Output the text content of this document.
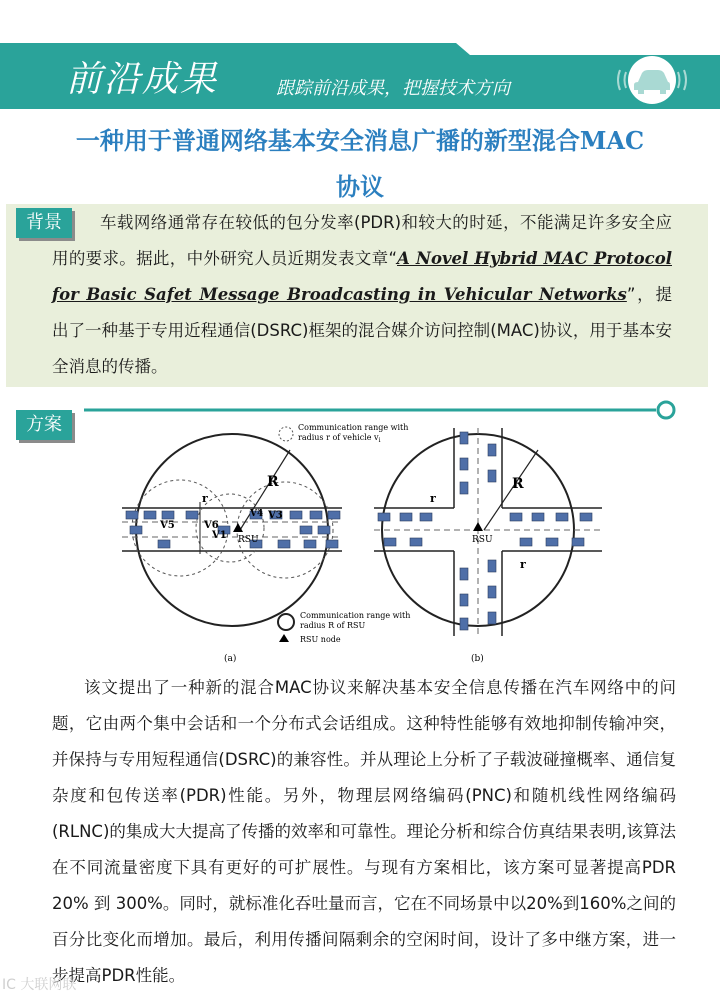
前沿成果	跟踪前沿成果，把握技术方向
一种用于普通网络基本安全消息广播的新型混合MAC
协议
背景	车载网络通常存在较低的包分发率(PDR)和较大的时延，不能满足许多安全应用的要求。据此，中外研究人员近期发表文章“A Novel Hybrid MAC Protocol for Basic Safet Message Broadcasting in Vehicular Networks”，提出了一种基于专用近程通信(DSRC)框架的混合媒介访问控制(MAC)协议，用于基本安全消息的传播。
方案
R
r
V5	V6
V1
V4 V3
RSU
(a)
R
r
r
RSU
(b)
Communication range with
radius r of vehicle $v_i$
Communication range with
radius R of RSU
RSU node
该文提出了一种新的混合MAC协议来解决基本安全信息传播在汽车网络中的问题，它由两个集中会话和一个分布式会话组成。这种特性能够有效地抑制传输冲突，并保持与专用短程通信(DSRC)的兼容性。并从理论上分析了子载波碰撞概率、通信复杂度和包传送率(PDR)性能。另外，物理层网络编码(PNC)和随机线性网络编码(RLNC)的集成大大提高了传播的效率和可靠性。理论分析和综合仿真结果表明,该算法在不同流量密度下具有更好的可扩展性。与现有方案相比，该方案可显著提高PDR 20% 到 300%。同时，就标准化吞吐量而言，它在不同场景中以20%到160%之间的百分比变化而增加。最后，利用传播间隔剩余的空闲时间，设计了多中继方案，进一步提高PDR性能。
IC 大联网联
